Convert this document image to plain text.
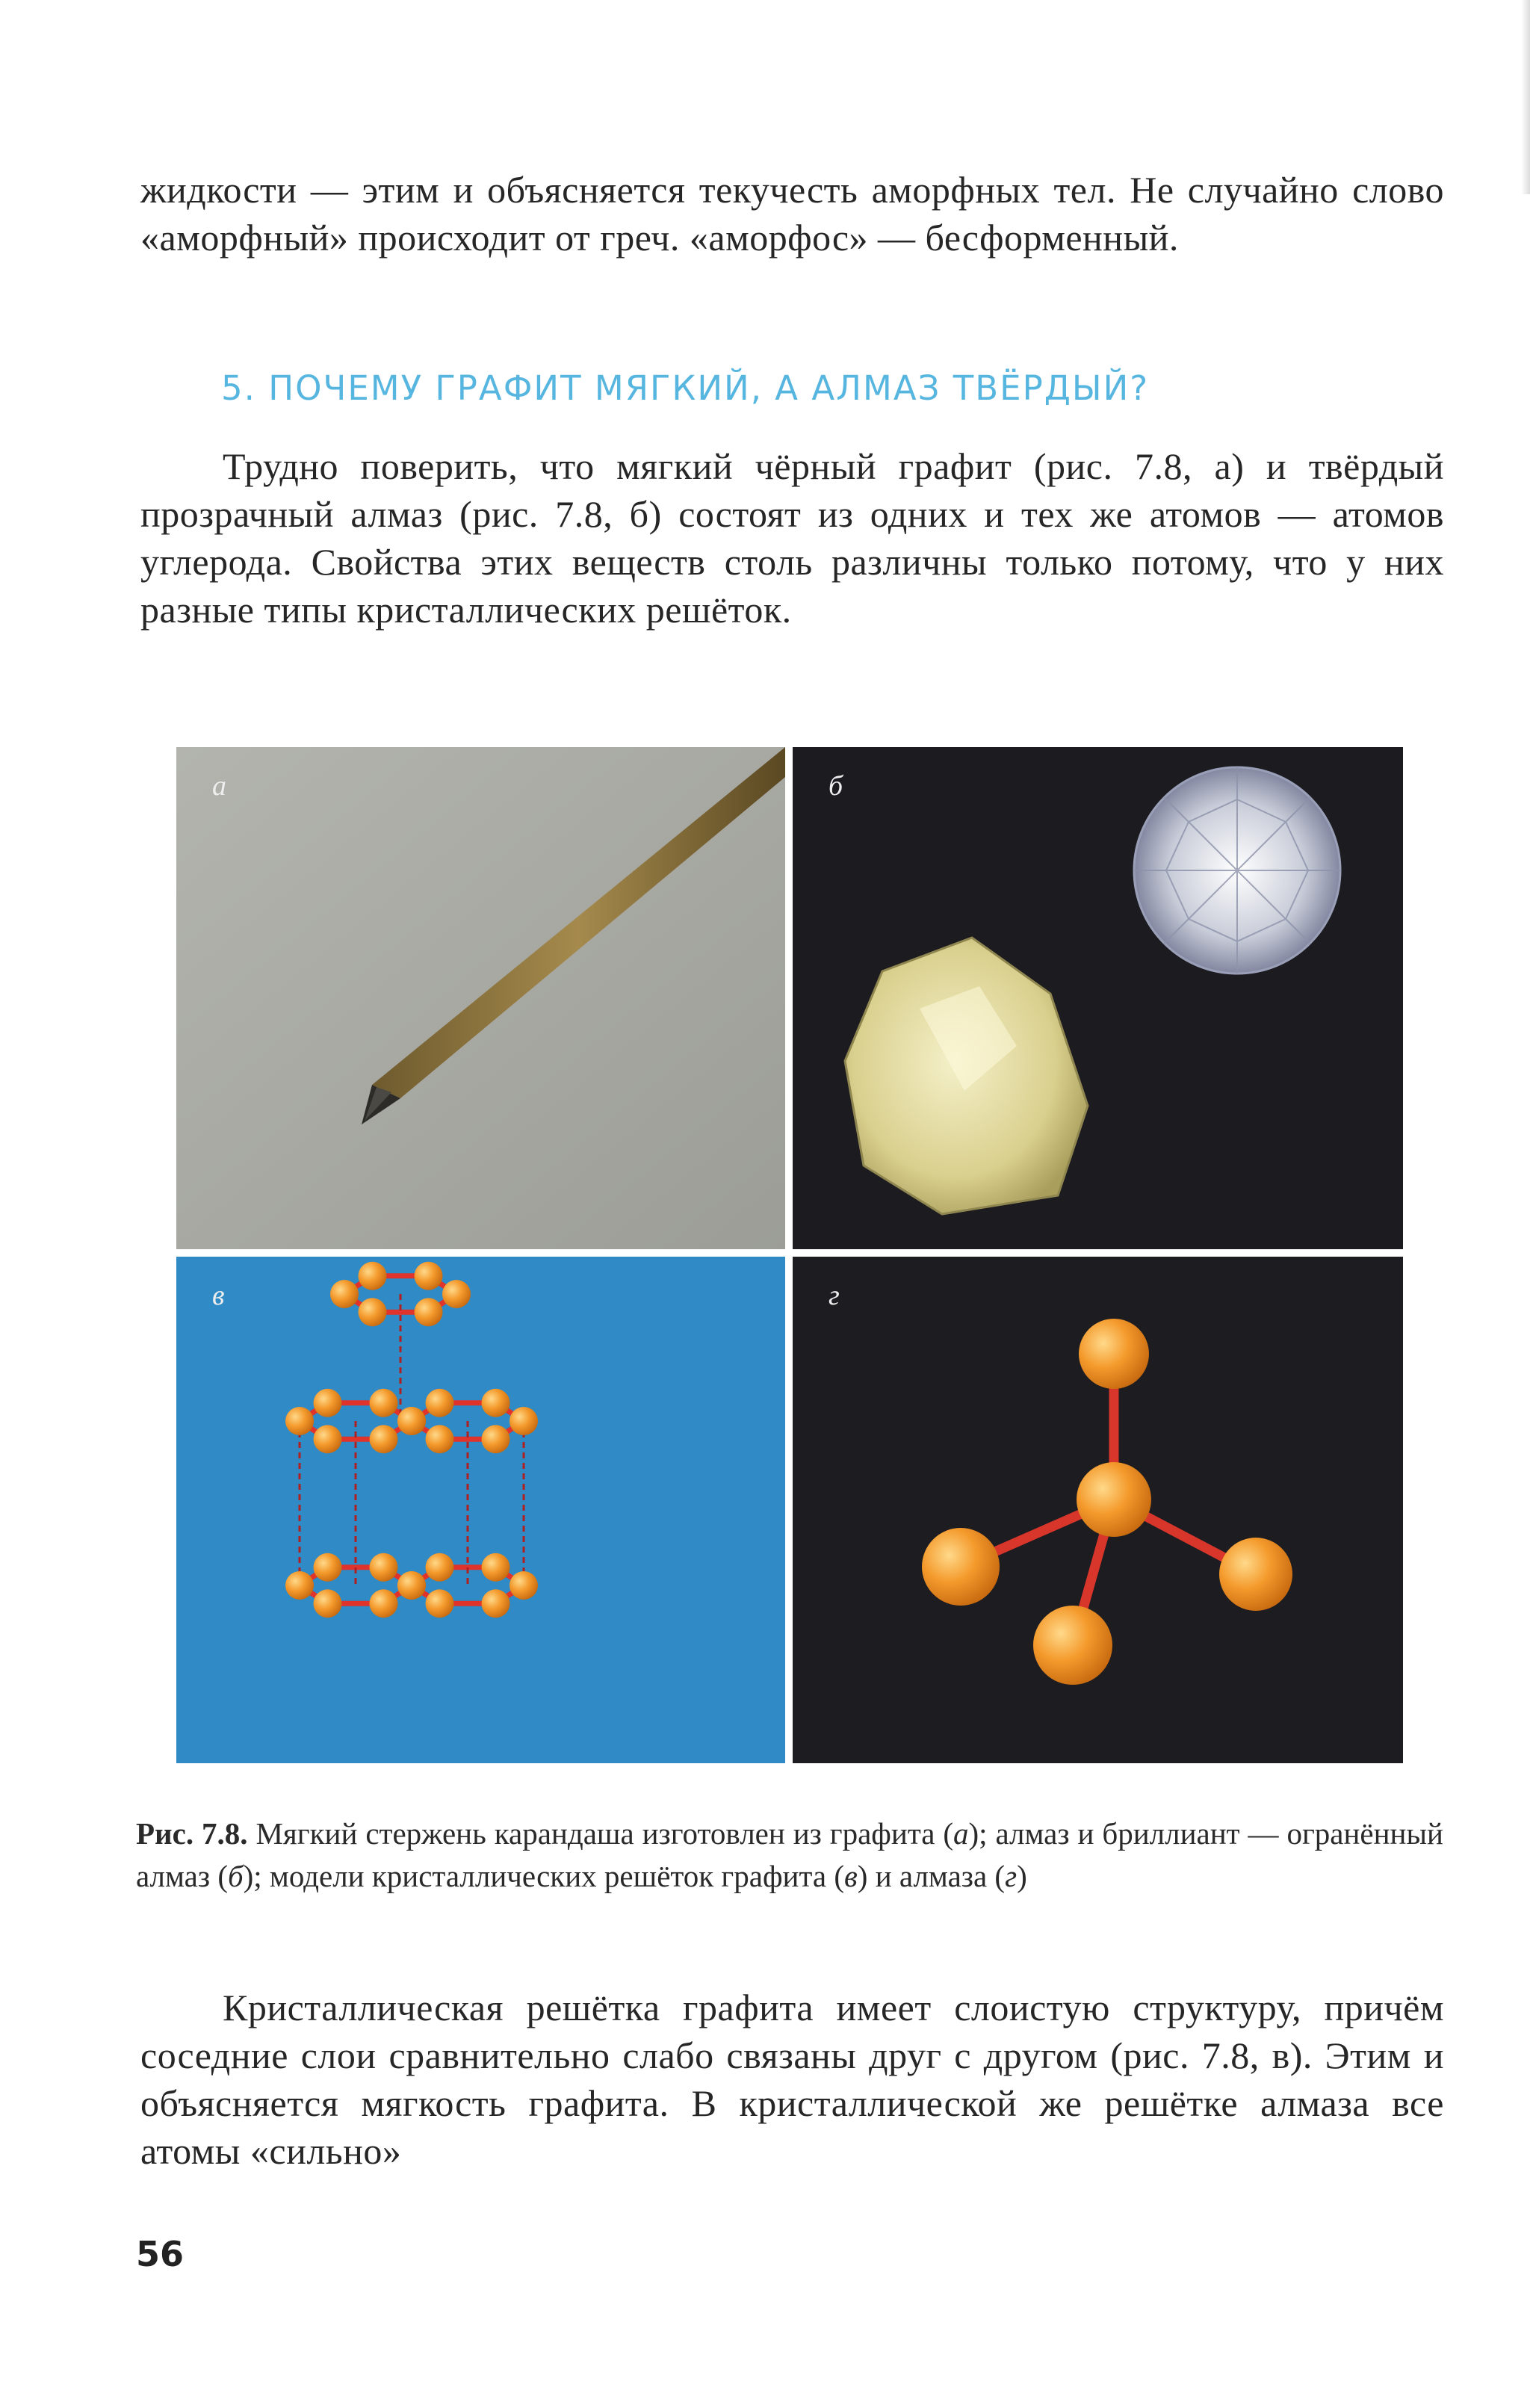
жидкости — этим и объясняется текучесть аморфных тел. Не случайно слово «аморфный» происходит от греч. «аморфос» — бесформенный.

5. ПОЧЕМУ ГРАФИТ МЯГКИЙ, А АЛМАЗ ТВЁРДЫЙ?

Трудно поверить, что мягкий чёрный графит (рис. 7.8, а) и твёрдый прозрачный алмаз (рис. 7.8, б) состоят из одних и тех же атомов — атомов углерода. Свойства этих веществ столь различны только потому, что у них разные типы кристаллических решёток.

а	б
в	г

Рис. 7.8. Мягкий стержень карандаша изготовлен из графита (а); алмаз и бриллиант — огранённый алмаз (б); модели кристаллических решёток графита (в) и алмаза (г)

Кристаллическая решётка графита имеет слоистую структуру, причём соседние слои сравнительно слабо связаны друг с другом (рис. 7.8, в). Этим и объясняется мягкость графита. В кристаллической же решётке алмаза все атомы «сильно»

56
